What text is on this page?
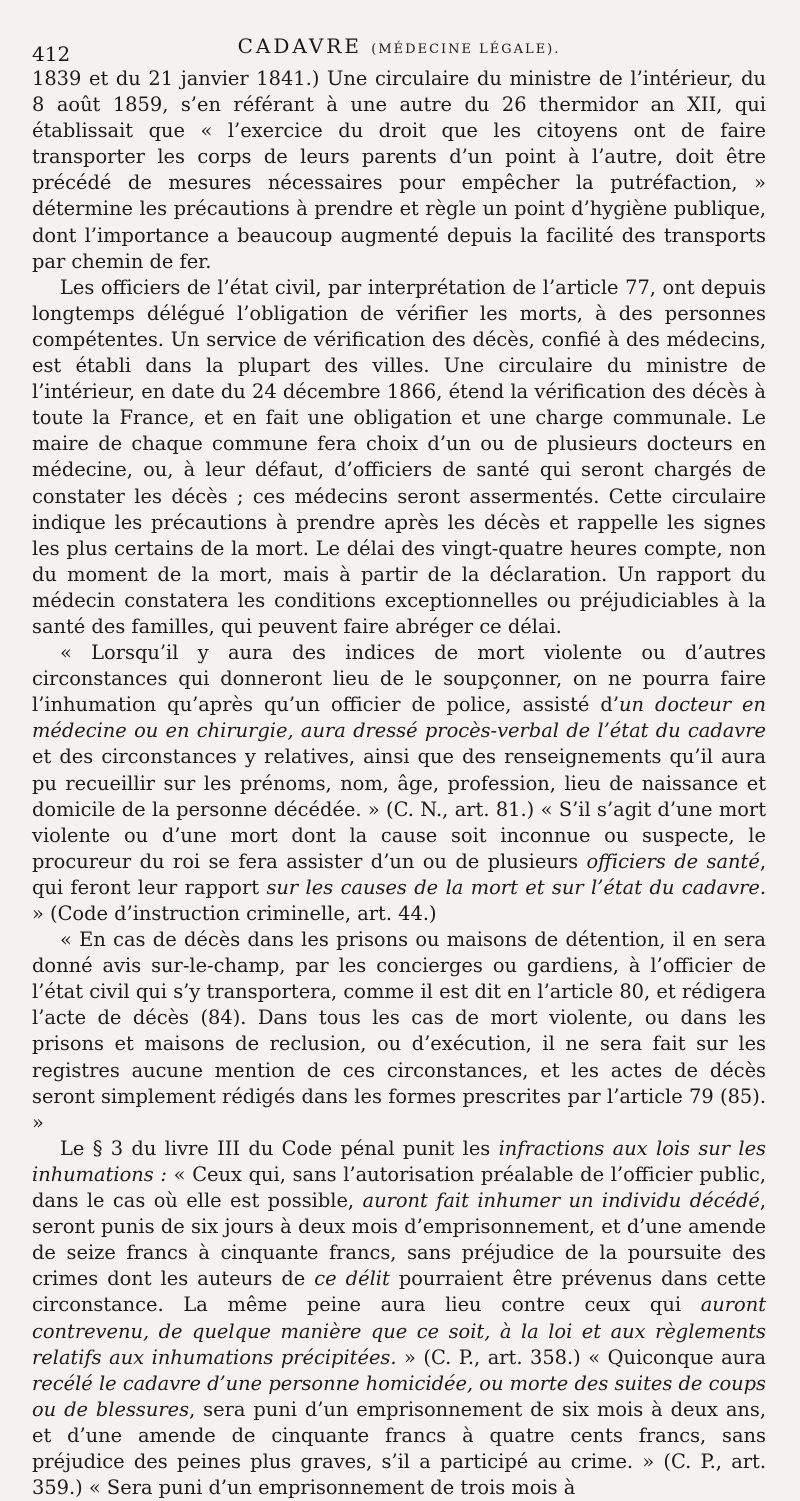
412	CADAVRE (MÉDECINE LÉGALE).

1839 et du 21 janvier 1841.) Une circulaire du ministre de l’intérieur, du 8 août 1859, s’en référant à une autre du 26 thermidor an XII, qui établissait que « l’exercice du droit que les citoyens ont de faire transporter les corps de leurs parents d’un point à l’autre, doit être précédé de mesures nécessaires pour empêcher la putréfaction, » détermine les précautions à prendre et règle un point d’hygiène publique, dont l’importance a beaucoup augmenté depuis la facilité des transports par chemin de fer.

Les officiers de l’état civil, par interprétation de l’article 77, ont depuis longtemps délégué l’obligation de vérifier les morts, à des personnes compétentes. Un service de vérification des décès, confié à des médecins, est établi dans la plupart des villes. Une circulaire du ministre de l’intérieur, en date du 24 décembre 1866, étend la vérification des décès à toute la France, et en fait une obligation et une charge communale. Le maire de chaque commune fera choix d’un ou de plusieurs docteurs en médecine, ou, à leur défaut, d’officiers de santé qui seront chargés de constater les décès ; ces médecins seront assermentés. Cette circulaire indique les précautions à prendre après les décès et rappelle les signes les plus certains de la mort. Le délai des vingt-quatre heures compte, non du moment de la mort, mais à partir de la déclaration. Un rapport du médecin constatera les conditions exceptionnelles ou préjudiciables à la santé des familles, qui peuvent faire abréger ce délai.

« Lorsqu’il y aura des indices de mort violente ou d’autres circonstances qui donneront lieu de le soupçonner, on ne pourra faire l’inhumation qu’après qu’un officier de police, assisté d’un docteur en médecine ou en chirurgie, aura dressé procès-verbal de l’état du cadavre et des circonstances y relatives, ainsi que des renseignements qu’il aura pu recueillir sur les prénoms, nom, âge, profession, lieu de naissance et domicile de la personne décédée. » (C. N., art. 81.) « S’il s’agit d’une mort violente ou d’une mort dont la cause soit inconnue ou suspecte, le procureur du roi se fera assister d’un ou de plusieurs officiers de santé, qui feront leur rapport sur les causes de la mort et sur l’état du cadavre. » (Code d’instruction criminelle, art. 44.)

« En cas de décès dans les prisons ou maisons de détention, il en sera donné avis sur-le-champ, par les concierges ou gardiens, à l’officier de l’état civil qui s’y transportera, comme il est dit en l’article 80, et rédigera l’acte de décès (84). Dans tous les cas de mort violente, ou dans les prisons et maisons de reclusion, ou d’exécution, il ne sera fait sur les registres aucune mention de ces circonstances, et les actes de décès seront simplement rédigés dans les formes prescrites par l’article 79 (85). »

Le § 3 du livre III du Code pénal punit les infractions aux lois sur les inhumations : « Ceux qui, sans l’autorisation préalable de l’officier public, dans le cas où elle est possible, auront fait inhumer un individu décédé, seront punis de six jours à deux mois d’emprisonnement, et d’une amende de seize francs à cinquante francs, sans préjudice de la poursuite des crimes dont les auteurs de ce délit pourraient être prévenus dans cette circonstance. La même peine aura lieu contre ceux qui auront contrevenu, de quelque manière que ce soit, à la loi et aux règlements relatifs aux inhumations précipitées. » (C. P., art. 358.) « Quiconque aura recélé le cadavre d’une personne homicidée, ou morte des suites de coups ou de blessures, sera puni d’un emprisonnement de six mois à deux ans, et d’une amende de cinquante francs à quatre cents francs, sans préjudice des peines plus graves, s’il a participé au crime. » (C. P., art. 359.) « Sera puni d’un emprisonnement de trois mois à
